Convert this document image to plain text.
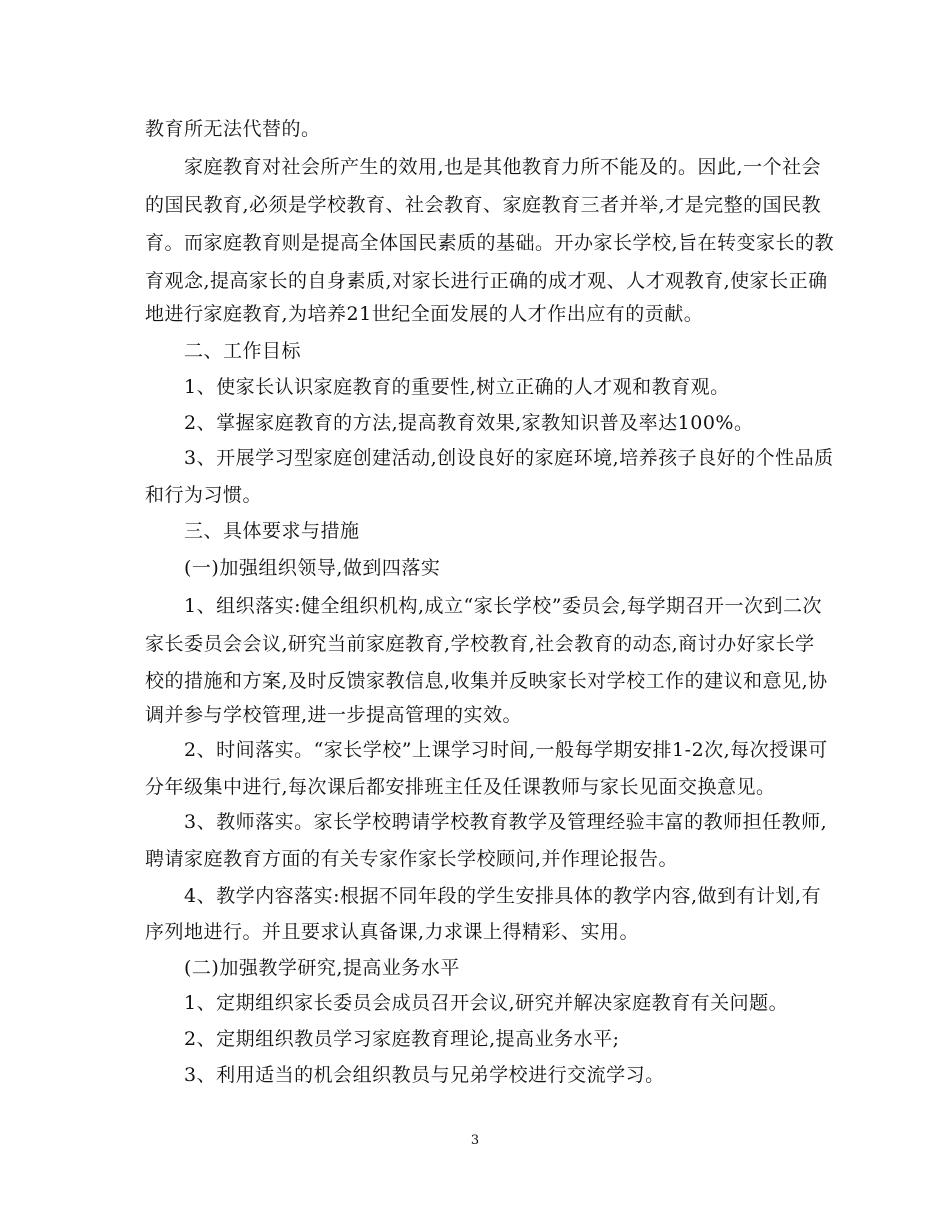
教育所无法代替的。
　　家庭教育对社会所产生的效用,也是其他教育力所不能及的。因此,一个社会
的国民教育,必须是学校教育、社会教育、家庭教育三者并举,才是完整的国民教
育。而家庭教育则是提高全体国民素质的基础。开办家长学校,旨在转变家长的教
育观念,提高家长的自身素质,对家长进行正确的成才观、人才观教育,使家长正确
地进行家庭教育,为培养21世纪全面发展的人才作出应有的贡献。
　　二、工作目标
　　1、使家长认识家庭教育的重要性,树立正确的人才观和教育观。
　　2、掌握家庭教育的方法,提高教育效果,家教知识普及率达100%。
　　3、开展学习型家庭创建活动,创设良好的家庭环境,培养孩子良好的个性品质
和行为习惯。
　　三、具体要求与措施
　　(一)加强组织领导,做到四落实
　　1、组织落实:健全组织机构,成立“家长学校”委员会,每学期召开一次到二次
家长委员会会议,研究当前家庭教育,学校教育,社会教育的动态,商讨办好家长学
校的措施和方案,及时反馈家教信息,收集并反映家长对学校工作的建议和意见,协
调并参与学校管理,进一步提高管理的实效。
　　2、时间落实。“家长学校”上课学习时间,一般每学期安排1-2次,每次授课可
分年级集中进行,每次课后都安排班主任及任课教师与家长见面交换意见。
　　3、教师落实。家长学校聘请学校教育教学及管理经验丰富的教师担任教师,
聘请家庭教育方面的有关专家作家长学校顾问,并作理论报告。
　　4、教学内容落实:根据不同年段的学生安排具体的教学内容,做到有计划,有
序列地进行。并且要求认真备课,力求课上得精彩、实用。
　　(二)加强教学研究,提高业务水平
　　1、定期组织家长委员会成员召开会议,研究并解决家庭教育有关问题。
　　2、定期组织教员学习家庭教育理论,提高业务水平;
　　3、利用适当的机会组织教员与兄弟学校进行交流学习。
3
